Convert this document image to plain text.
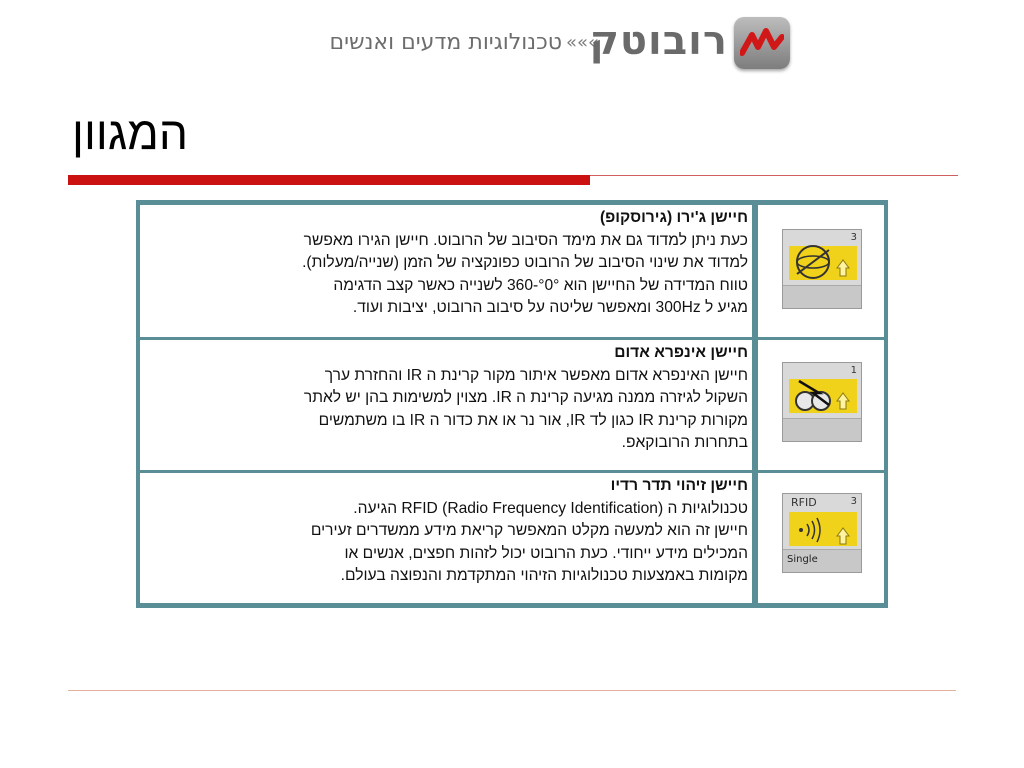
טכנולוגיות מדעים ואנשים «««
רובוטק
המגוון
חיישן ג'ירו (גירוסקופ)
כעת ניתן למדוד גם את מימד הסיבוב של הרובוט. חיישן הגירו מאפשר
למדוד את שינוי הסיבוב של הרובוט כפונקציה של הזמן (שנייה/מעלות).
טווח המדידה של החיישן הוא °0°-360 לשנייה כאשר קצב הדגימה
מגיע ל 300Hz ומאפשר שליטה על סיבוב הרובוט, יציבות ועוד.
3
חיישן אינפרא אדום
חיישן האינפרא אדום מאפשר איתור מקור קרינת ה IR והחזרת ערך
השקול לגיזרה ממנה מגיעה קרינת ה IR. מצוין למשימות בהן יש לאתר
מקורות קרינת IR כגון לד IR, אור נר או את כדור ה IR בו משתמשים
בתחרות הרובוקאפ.
1
חיישן זיהוי תדר רדיו
טכנולוגיות ה RFID (Radio Frequency Identification) הגיעה.
חיישן זה הוא למעשה מקלט המאפשר קריאת מידע ממשדרים זעירים
המכילים מידע ייחודי. כעת הרובוט יכול לזהות חפצים, אנשים או
מקומות באמצעות טכנולוגיות הזיהוי המתקדמת והנפוצה בעולם.
RFID	3
Single
